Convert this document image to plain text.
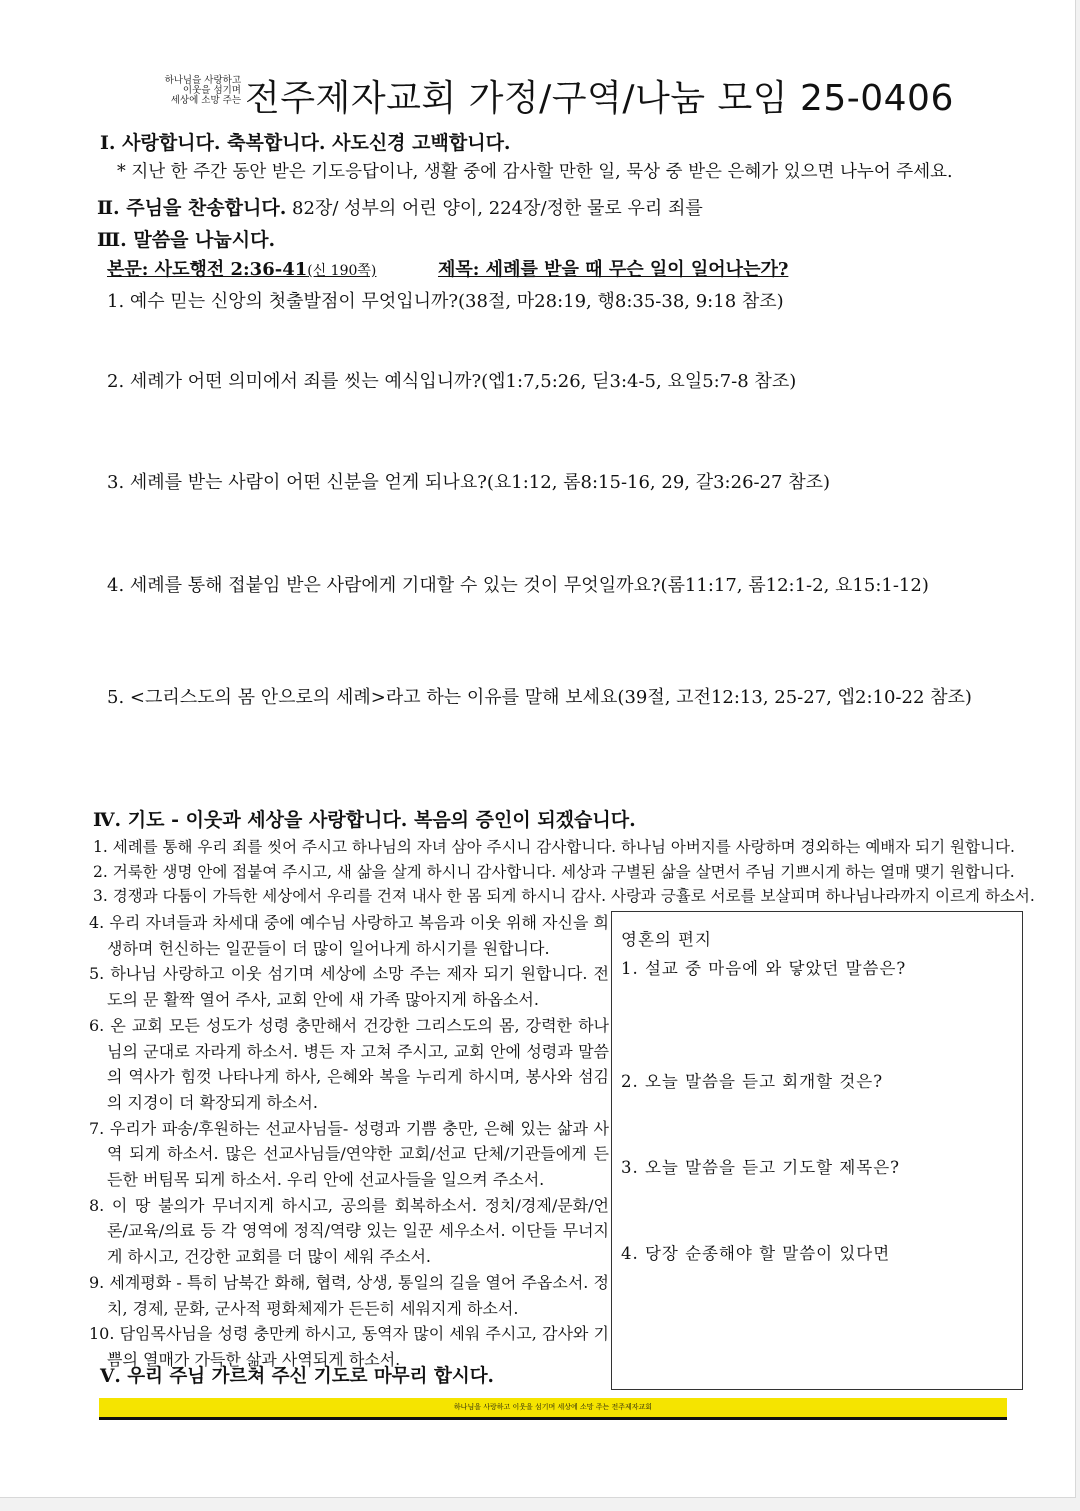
하나님을 사랑하고
이웃을 섬기며
세상에 소망 주는 전주제자교회 가정/구역/나눔 모임 25-0406
Ⅰ. 사랑합니다. 축복합니다. 사도신경 고백합니다.
* 지난 한 주간 동안 받은 기도응답이나, 생활 중에 감사할 만한 일, 묵상 중 받은 은혜가 있으면 나누어 주세요.
Ⅱ. 주님을 찬송합니다. 82장/ 성부의 어린 양이, 224장/정한 물로 우리 죄를
Ⅲ. 말씀을 나눕시다.
본문: 사도행전 2:36-41(신 190쪽)	제목: 세례를 받을 때 무슨 일이 일어나는가?
1. 예수 믿는 신앙의 첫출발점이 무엇입니까?(38절, 마28:19, 행8:35-38, 9:18 참조)
2. 세례가 어떤 의미에서 죄를 씻는 예식입니까?(엡1:7,5:26, 딛3:4-5, 요일5:7-8 참조)
3. 세례를 받는 사람이 어떤 신분을 얻게 되나요?(요1:12, 롬8:15-16, 29, 갈3:26-27 참조)
4. 세례를 통해 접붙임 받은 사람에게 기대할 수 있는 것이 무엇일까요?(롬11:17, 롬12:1-2, 요15:1-12)
5. <그리스도의 몸 안으로의 세례>라고 하는 이유를 말해 보세요(39절, 고전12:13, 25-27, 엡2:10-22 참조)
Ⅳ. 기도 - 이웃과 세상을 사랑합니다. 복음의 증인이 되겠습니다.
1. 세례를 통해 우리 죄를 씻어 주시고 하나님의 자녀 삼아 주시니 감사합니다. 하나님 아버지를 사랑하며 경외하는 예배자 되기 원합니다.
2. 거룩한 생명 안에 접붙여 주시고, 새 삶을 살게 하시니 감사합니다. 세상과 구별된 삶을 살면서 주님 기쁘시게 하는 열매 맺기 원합니다.
3. 경쟁과 다툼이 가득한 세상에서 우리를 건져 내사 한 몸 되게 하시니 감사. 사랑과 긍휼로 서로를 보살피며 하나님나라까지 이르게 하소서.

4. 우리 자녀들과 차세대 중에 예수님 사랑하고 복음과 이웃 위해 자신을 희생하며 헌신하는 일꾼들이 더 많이 일어나게 하시기를 원합니다.

5. 하나님 사랑하고 이웃 섬기며 세상에 소망 주는 제자 되기 원합니다. 전도의 문 활짝 열어 주사, 교회 안에 새 가족 많아지게 하옵소서.

6. 온 교회 모든 성도가 성령 충만해서 건강한 그리스도의 몸, 강력한 하나님의 군대로 자라게 하소서. 병든 자 고쳐 주시고, 교회 안에 성령과 말씀의 역사가 힘껏 나타나게 하사, 은혜와 복을 누리게 하시며, 봉사와 섬김의 지경이 더 확장되게 하소서.

7. 우리가 파송/후원하는 선교사님들- 성령과 기쁨 충만, 은혜 있는 삶과 사역 되게 하소서. 많은 선교사님들/연약한 교회/선교 단체/기관들에게 든든한 버팀목 되게 하소서. 우리 안에 선교사들을 일으켜 주소서.

8. 이 땅 불의가 무너지게 하시고, 공의를 회복하소서. 정치/경제/문화/언론/교육/의료 등 각 영역에 정직/역량 있는 일꾼 세우소서. 이단들 무너지게 하시고, 건강한 교회를 더 많이 세워 주소서.

9. 세계평화 - 특히 남북간 화해, 협력, 상생, 통일의 길을 열어 주옵소서. 정치, 경제, 문화, 군사적 평화체제가 든든히 세워지게 하소서.

10. 담임목사님을 성령 충만케 하시고, 동역자 많이 세워 주시고, 감사와 기쁨의 열매가 가득한 삶과 사역되게 하소서.

Ⅴ. 우리 주님 가르쳐 주신 기도로 마무리 합시다.
영혼의 편지
1. 설교 중 마음에 와 닿았던 말씀은?
2. 오늘 말씀을 듣고 회개할 것은?
3. 오늘 말씀을 듣고 기도할 제목은?
4. 당장 순종해야 할 말씀이 있다면
하나님을 사랑하고 이웃을 섬기며 세상에 소망 주는 전주제자교회
